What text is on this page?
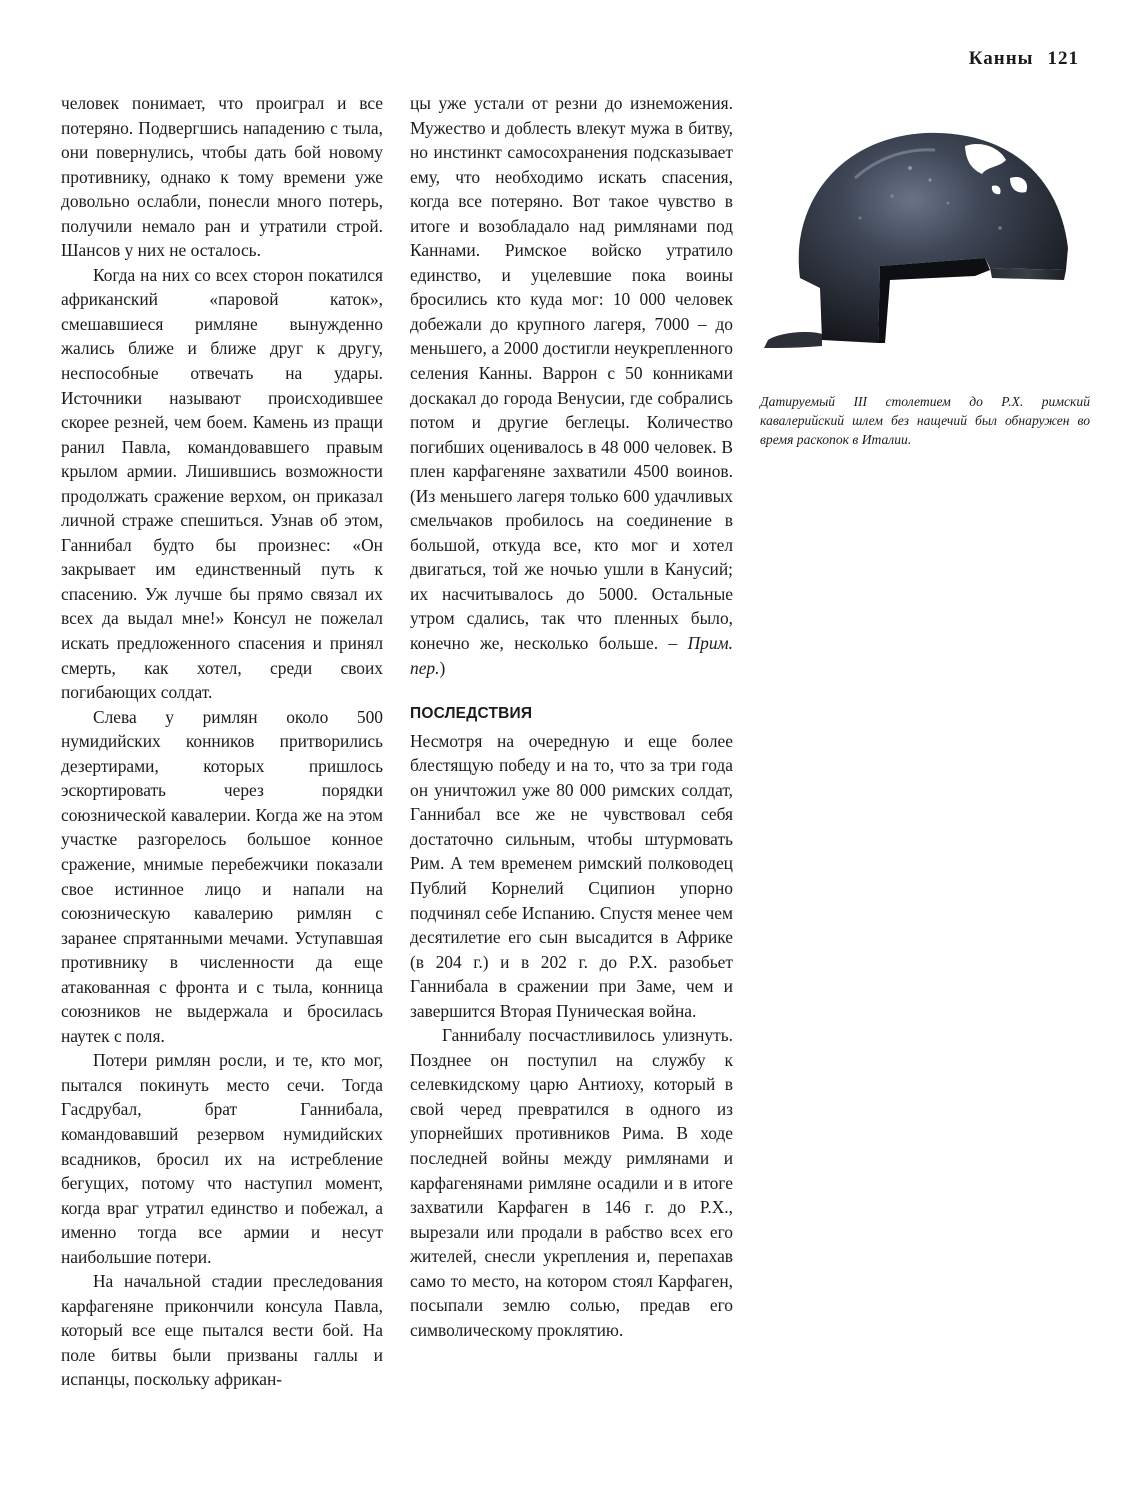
Канны 121

человек понимает, что проиграл и все потеряно. Подвергшись нападению с тыла, они повернулись, чтобы дать бой новому противнику, однако к тому времени уже довольно ослабли, понесли много потерь, получили немало ран и утратили строй. Шансов у них не осталось.

Когда на них со всех сторон покатился африканский «паровой каток», смешавшиеся римляне вынужденно жались ближе и ближе друг к другу, неспособные отвечать на удары. Источники называют происходившее скорее резней, чем боем. Камень из пращи ранил Павла, командовавшего правым крылом армии. Лишившись возможности продолжать сражение верхом, он приказал личной страже спешиться. Узнав об этом, Ганнибал будто бы произнес: «Он закрывает им единственный путь к спасению. Уж лучше бы прямо связал их всех да выдал мне!» Консул не пожелал искать предложенного спасения и принял смерть, как хотел, среди своих погибающих солдат.

Слева у римлян около 500 нумидийских конников притворились дезертирами, которых пришлось эскортировать через порядки союзнической кавалерии. Когда же на этом участке разгорелось большое конное сражение, мнимые перебежчики показали свое истинное лицо и напали на союзническую кавалерию римлян с заранее спрятанными мечами. Уступавшая противнику в численности да еще атакованная с фронта и с тыла, конница союзников не выдержала и бросилась наутек с поля.

Потери римлян росли, и те, кто мог, пытался покинуть место сечи. Тогда Гасдрубал, брат Ганнибала, командовавший резервом нумидийских всадников, бросил их на истребление бегущих, потому что наступил момент, когда враг утратил единство и побежал, а именно тогда все армии и несут наибольшие потери.

На начальной стадии преследования карфагеняне прикончили консула Павла, который все еще пытался вести бой. На поле битвы были призваны галлы и испанцы, поскольку африкан-

цы уже устали от резни до изнеможения. Мужество и доблесть влекут мужа в битву, но инстинкт самосохранения подсказывает ему, что необходимо искать спасения, когда все потеряно. Вот такое чувство в итоге и возобладало над римлянами под Каннами. Римское войско утратило единство, и уцелевшие пока воины бросились кто куда мог: 10 000 человек добежали до крупного лагеря, 7000 – до меньшего, а 2000 достигли неукрепленного селения Канны. Варрон с 50 конниками доскакал до города Венусии, где собрались потом и другие беглецы. Количество погибших оценивалось в 48 000 человек. В плен карфагеняне захватили 4500 воинов. (Из меньшего лагеря только 600 удачливых смельчаков пробилось на соединение в большой, откуда все, кто мог и хотел двигаться, той же ночью ушли в Канусий; их насчитывалось до 5000. Остальные утром сдались, так что пленных было, конечно же, несколько больше. – Прим. пер.)

ПОСЛЕДСТВИЯ

Несмотря на очередную и еще более блестящую победу и на то, что за три года он уничтожил уже 80 000 римских солдат, Ганнибал все же не чувствовал себя достаточно сильным, чтобы штурмовать Рим. А тем временем римский полководец Публий Корнелий Сципион упорно подчинял себе Испанию. Спустя менее чем десятилетие его сын высадится в Африке (в 204 г.) и в 202 г. до Р.Х. разобьет Ганнибала в сражении при Заме, чем и завершится Вторая Пуническая война.

Ганнибалу посчастливилось улизнуть. Позднее он поступил на службу к селевкидскому царю Антиоху, который в свой черед превратился в одного из упорнейших противников Рима. В ходе последней войны между римлянами и карфагенянами римляне осадили и в итоге захватили Карфаген в 146 г. до Р.Х., вырезали или продали в рабство всех его жителей, снесли укрепления и, перепахав само то место, на котором стоял Карфаген, посыпали землю солью, предав его символическому проклятию.

Датируемый III столетием до Р.Х. римский кавалерийский шлем без нащечий был обнаружен во время раскопок в Италии.
